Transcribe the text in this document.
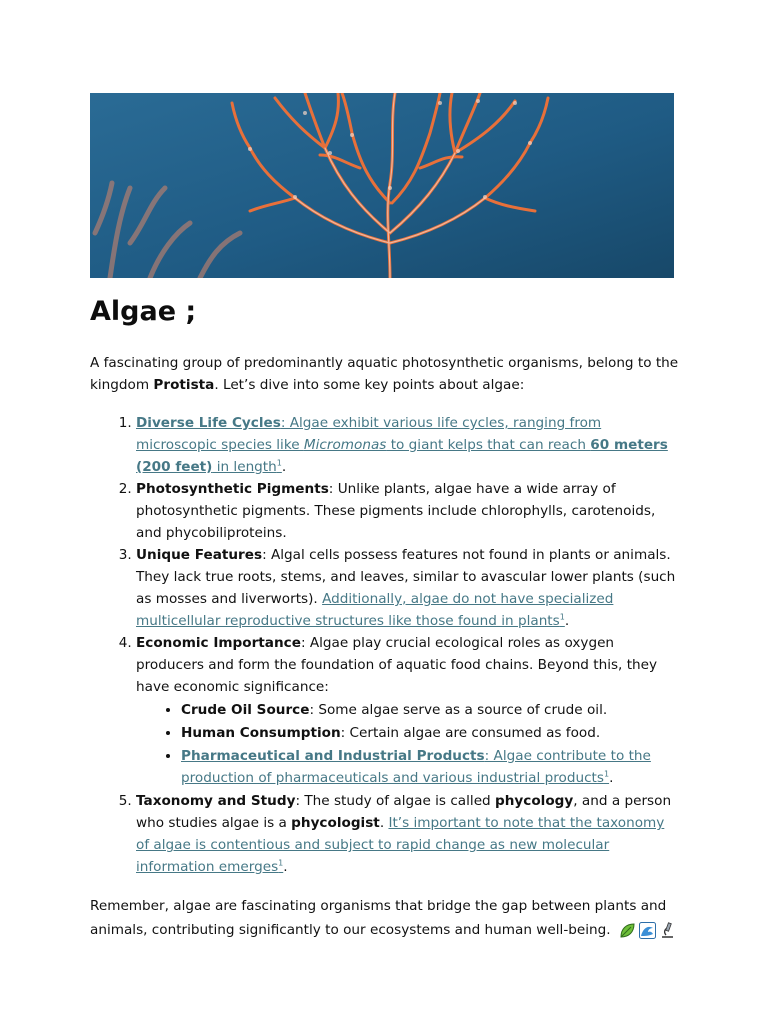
Algae ;

A fascinating group of predominantly aquatic photosynthetic organisms, belong to the kingdom Protista. Let’s dive into some key points about algae:

1. Diverse Life Cycles: Algae exhibit various life cycles, ranging from microscopic species like Micromonas to giant kelps that can reach 60 meters (200 feet) in length$^1$.
2. Photosynthetic Pigments: Unlike plants, algae have a wide array of photosynthetic pigments. These pigments include chlorophylls, carotenoids, and phycobiliproteins.
3. Unique Features: Algal cells possess features not found in plants or animals. They lack true roots, stems, and leaves, similar to avascular lower plants (such as mosses and liverworts). Additionally, algae do not have specialized multicellular reproductive structures like those found in plants$^1$.
4. Economic Importance: Algae play crucial ecological roles as oxygen producers and form the foundation of aquatic food chains. Beyond this, they have economic significance:
• Crude Oil Source: Some algae serve as a source of crude oil.
• Human Consumption: Certain algae are consumed as food.
• Pharmaceutical and Industrial Products: Algae contribute to the production of pharmaceuticals and various industrial products$^1$.
5. Taxonomy and Study: The study of algae is called phycology, and a person who studies algae is a phycologist. It’s important to note that the taxonomy of algae is contentious and subject to rapid change as new molecular information emerges$^1$.

Remember, algae are fascinating organisms that bridge the gap between plants and animals, contributing significantly to our ecosystems and human well-being.
